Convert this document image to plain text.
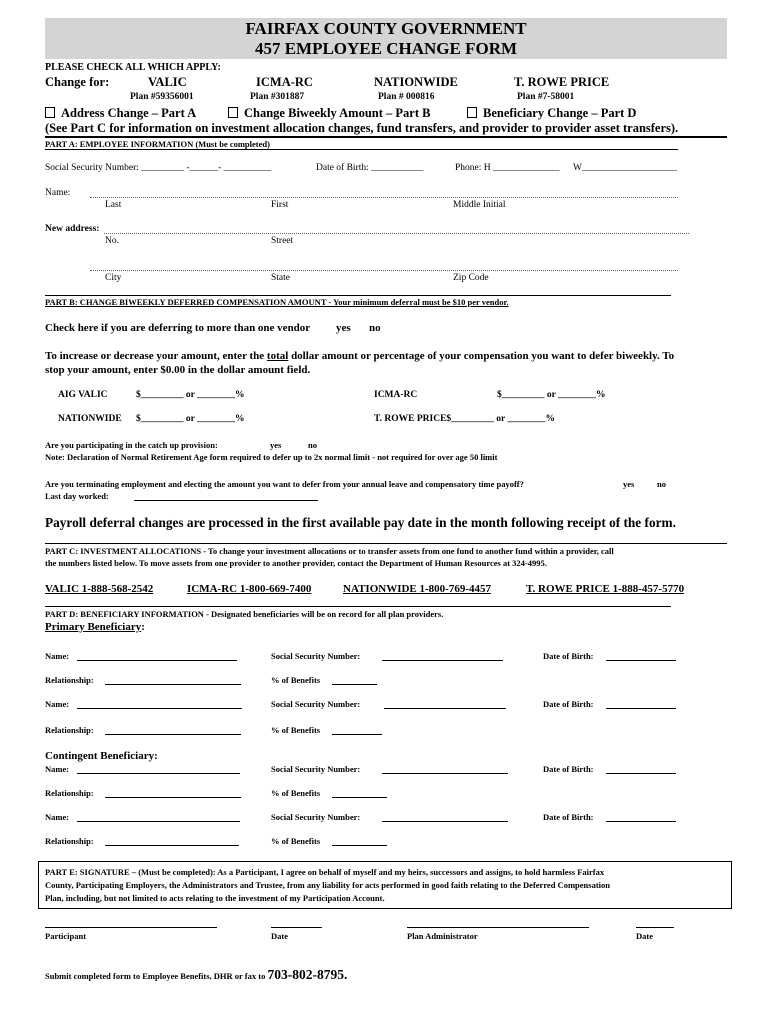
FAIRFAX COUNTY GOVERNMENT
457 EMPLOYEE CHANGE FORM
PLEASE CHECK ALL WHICH APPLY:
Change for:	VALIC	ICMA-RC	NATIONWIDE	T. ROWE PRICE
Plan #59356001	Plan #301887	Plan # 000816	Plan #7-58001
Address Change – Part A	Change Biweekly Amount – Part B	Beneficiary Change – Part D
(See Part C for information on investment allocation changes, fund transfers, and provider to provider asset transfers).
PART A: EMPLOYEE INFORMATION (Must be completed)
Social Security Number: _________ -______- __________	Date of Birth: ___________	Phone: H ______________ W____________________
Name:
Last	First	Middle Initial
New address:
No.	Street
City	State	Zip Code
PART B: CHANGE BIWEEKLY DEFERRED COMPENSATION AMOUNT - Your minimum deferral must be $10 per vendor.
Check here if you are deferring to more than one vendor yes no
To increase or decrease your amount, enter the total dollar amount or percentage of your compensation you want to defer biweekly. To
stop your amount, enter $0.00 in the dollar amount field.
AIG VALIC	$_________ or ________%	ICMA-RC	$_________ or ________%
NATIONWIDE $_________ or ________%	T. ROWE PRICE$_________ or ________%
Are you participating in the catch up provision:	yes	no
Note: Declaration of Normal Retirement Age form required to defer up to 2x normal limit - not required for over age 50 limit
Are you terminating employment and electing the amount you want to defer from your annual leave and compensatory time payoff?	yes	no
Last day worked:
Payroll deferral changes are processed in the first available pay date in the month following receipt of the form.
PART C: INVESTMENT ALLOCATIONS - To change your investment allocations or to transfer assets from one fund to another fund within a provider, call
the numbers listed below. To move assets from one provider to another provider, contact the Department of Human Resources at 324-4995.
VALIC 1-888-568-2542	ICMA-RC 1-800-669-7400	NATIONWIDE 1-800-769-4457	T. ROWE PRICE 1-888-457-5770
PART D: BENEFICIARY INFORMATION - Designated beneficiaries will be on record for all plan providers.
Primary Beneficiary:
Name:	Social Security Number:	Date of Birth:
Relationship:	% of Benefits
Name:	Social Security Number:	Date of Birth:
Relationship:	% of Benefits
Contingent Beneficiary:
Name:	Social Security Number:	Date of Birth:
Relationship:	% of Benefits
Name:	Social Security Number:	Date of Birth:
Relationship:	% of Benefits
PART E: SIGNATURE – (Must be completed): As a Participant, I agree on behalf of myself and my heirs, successors and assigns, to hold harmless Fairfax
County, Participating Employers, the Administrators and Trustee, from any liability for acts performed in good faith relating to the Deferred Compensation
Plan, including, but not limited to acts relating to the investment of my Participation Account.
Participant	Date	Plan Administrator	Date
Submit completed form to Employee Benefits, DHR or fax to 703-802-8795.
